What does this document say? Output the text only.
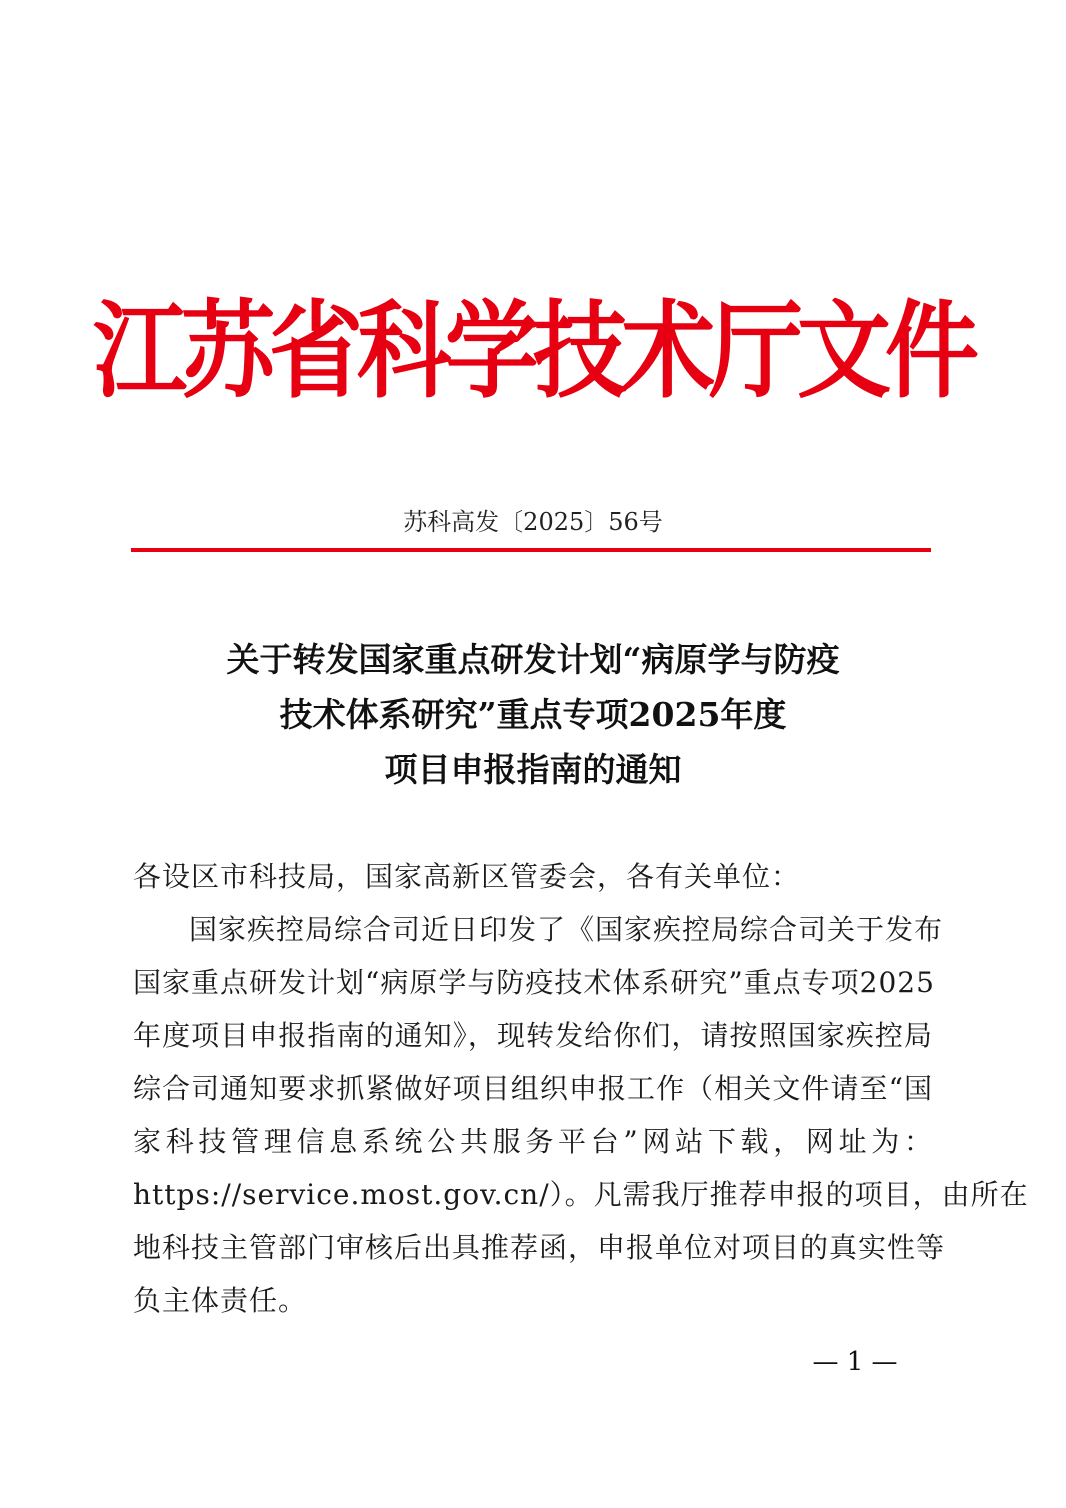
江苏省科学技术厅文件
苏科高发〔2025〕56号
关于转发国家重点研发计划“病原学与防疫
技术体系研究”重点专项2025年度
项目申报指南的通知
各设区市科技局，国家高新区管委会，各有关单位：
国家疾控局综合司近日印发了《国家疾控局综合司关于发布
国家重点研发计划“病原学与防疫技术体系研究”重点专项2025
年度项目申报指南的通知》，现转发给你们，请按照国家疾控局
综合司通知要求抓紧做好项目组织申报工作（相关文件请至“国
家科技管理信息系统公共服务平台”网站下载，网址为：
https://service.most.gov.cn/）。凡需我厅推荐申报的项目，由所在
地科技主管部门审核后出具推荐函，申报单位对项目的真实性等
负主体责任。
— 1 —
